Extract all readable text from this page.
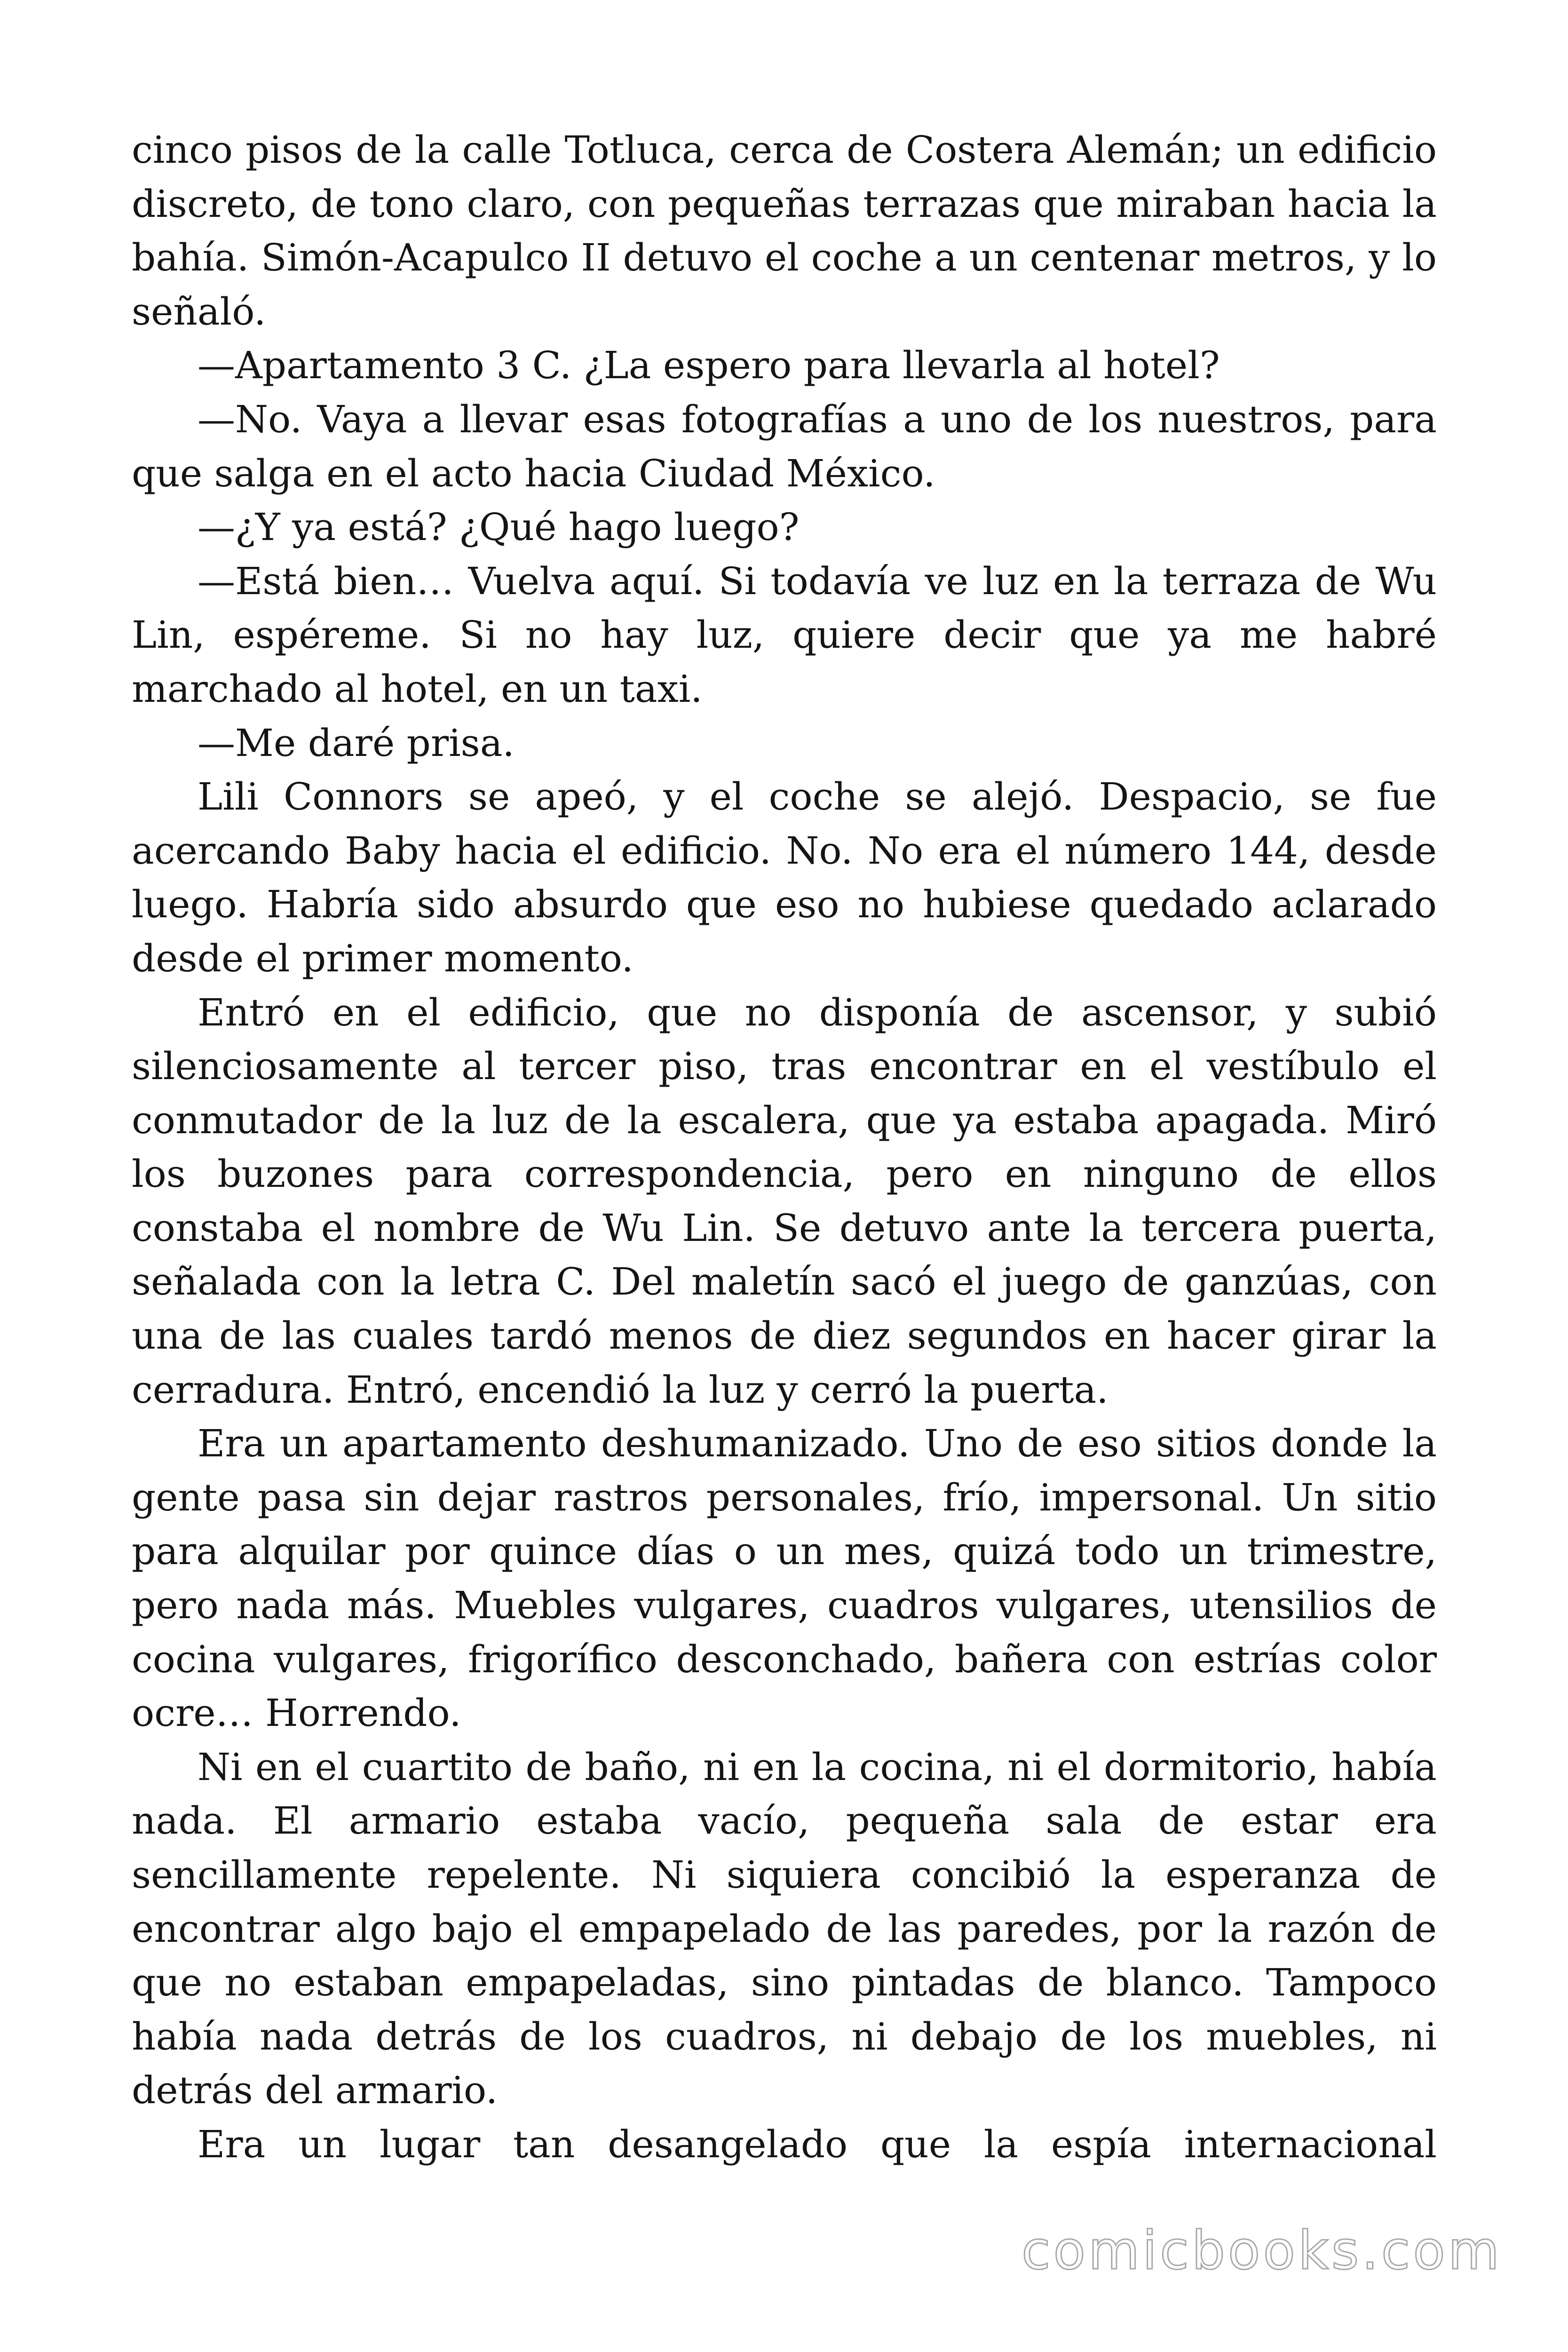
cinco pisos de la calle Totluca, cerca de Costera Alemán; un edificio discreto, de tono claro, con pequeñas terrazas que miraban hacia la bahía. Simón-Acapulco II detuvo el coche a un centenar metros, y lo señaló.

—Apartamento 3 C. ¿La espero para llevarla al hotel?

—No. Vaya a llevar esas fotografías a uno de los nuestros, para que salga en el acto hacia Ciudad México.

—¿Y ya está? ¿Qué hago luego?

—Está bien… Vuelva aquí. Si todavía ve luz en la terraza de Wu Lin, espéreme. Si no hay luz, quiere decir que ya me habré marchado al hotel, en un taxi.

—Me daré prisa.

Lili Connors se apeó, y el coche se alejó. Despacio, se fue acercando Baby hacia el edificio. No. No era el número 144, desde luego. Habría sido absurdo que eso no hubiese quedado aclarado desde el primer momento.

Entró en el edificio, que no disponía de ascensor, y subió silenciosamente al tercer piso, tras encontrar en el vestíbulo el conmutador de la luz de la escalera, que ya estaba apagada. Miró los buzones para correspondencia, pero en ninguno de ellos constaba el nombre de Wu Lin. Se detuvo ante la tercera puerta, señalada con la letra C. Del maletín sacó el juego de ganzúas, con una de las cuales tardó menos de diez segundos en hacer girar la cerradura. Entró, encendió la luz y cerró la puerta.

Era un apartamento deshumanizado. Uno de eso sitios donde la gente pasa sin dejar rastros personales, frío, impersonal. Un sitio para alquilar por quince días o un mes, quizá todo un trimestre, pero nada más. Muebles vulgares, cuadros vulgares, utensilios de cocina vulgares, frigorífico desconchado, bañera con estrías color ocre… Horrendo.

Ni en el cuartito de baño, ni en la cocina, ni el dormitorio, había nada. El armario estaba vacío, pequeña sala de estar era sencillamente repelente. Ni siquiera concibió la esperanza de encontrar algo bajo el empapelado de las paredes, por la razón de que no estaban empapeladas, sino pintadas de blanco. Tampoco había nada detrás de los cuadros, ni debajo de los muebles, ni detrás del armario.

Era un lugar tan desangelado que la espía internacional

comicbooks.com
